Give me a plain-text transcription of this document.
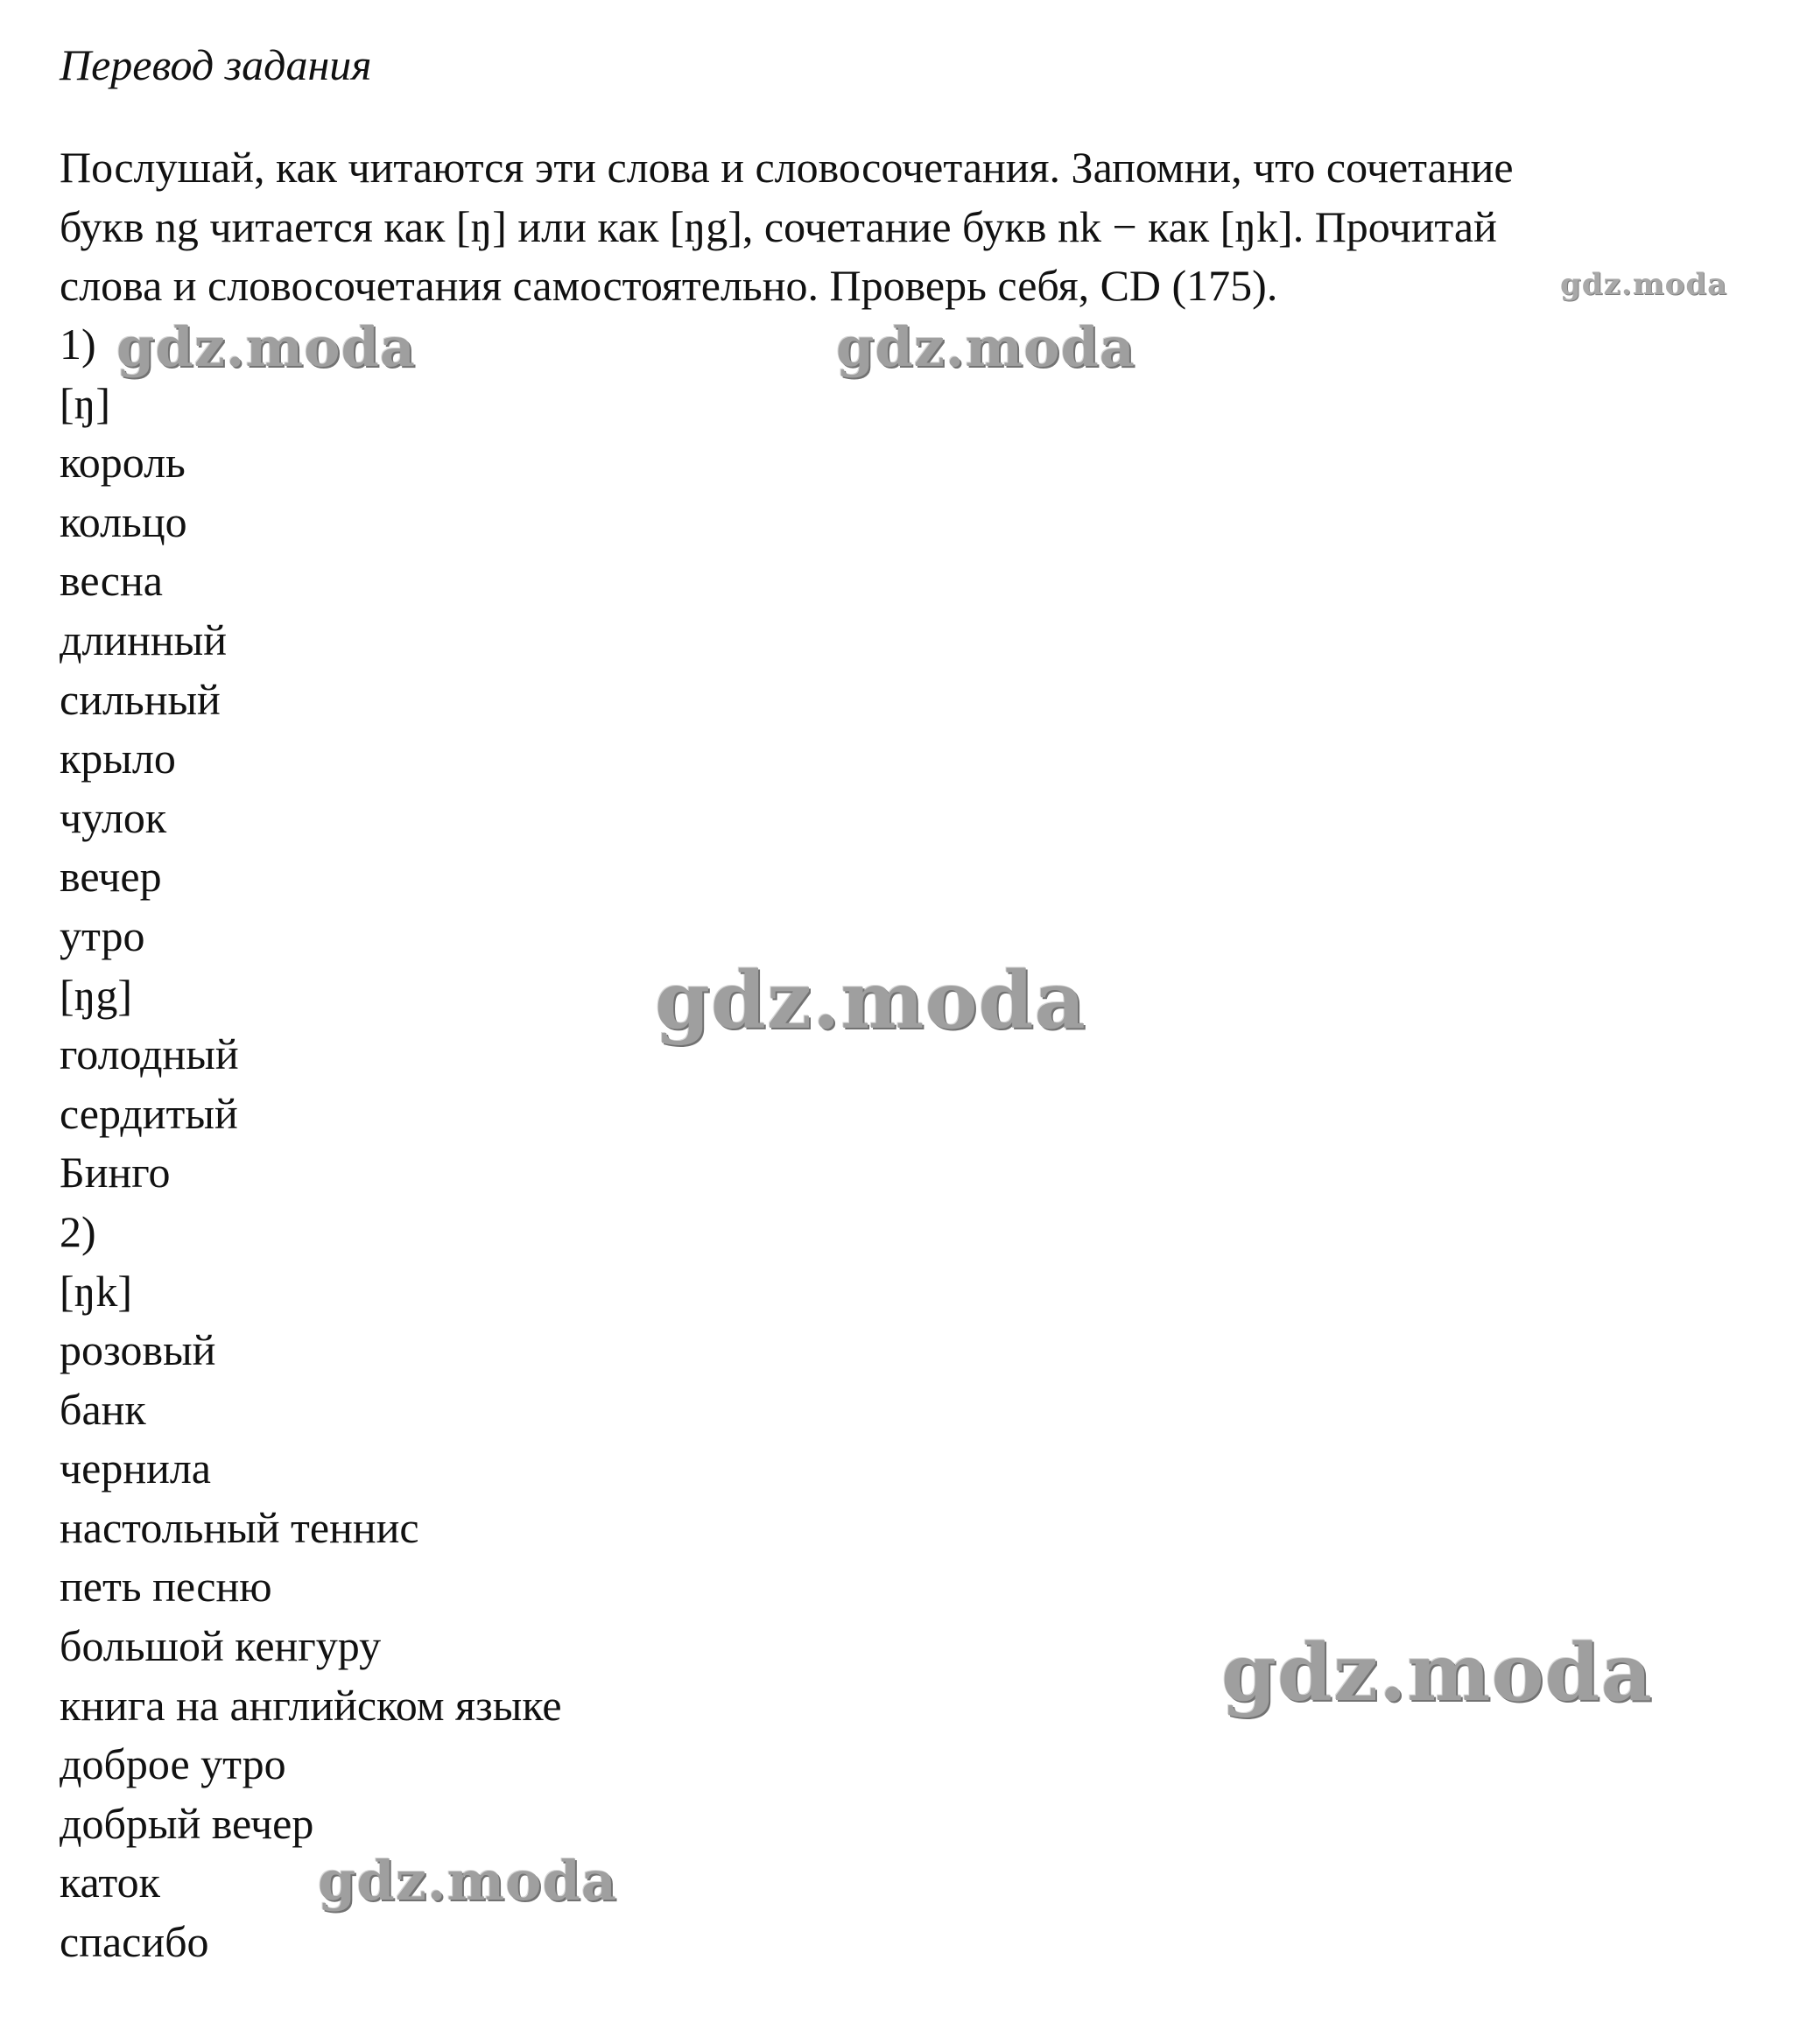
Перевод задания
Послушай, как читаются эти слова и словосочетания. Запомни, что сочетание
букв ng читается как [ŋ] или как [ŋg], сочетание букв nk − как [ŋk]. Прочитай
слова и словосочетания самостоятельно. Проверь себя, CD (175).
1)
[ŋ]
король
кольцо
весна
длинный
сильный
крыло
чулок
вечер
утро
[ŋg]
голодный
сердитый
Бинго
2)
[ŋk]
розовый
банк
чернила
настольный теннис
петь песню
большой кенгуру
книга на английском языке
доброе утро
добрый вечер
каток
спасибо
gdz.moda
gdz.moda	gdz.moda
gdz.moda
gdz.moda
gdz.moda
